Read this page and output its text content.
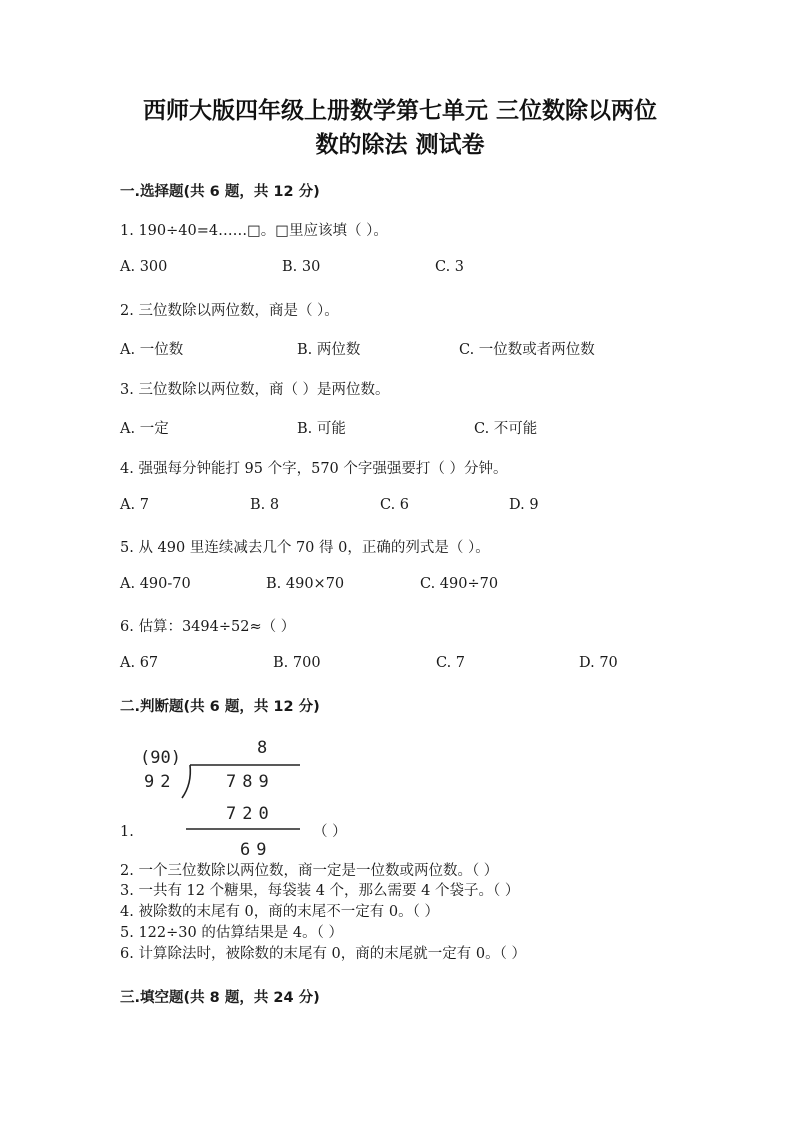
西师大版四年级上册数学第七单元 三位数除以两位
数的除法 测试卷
一.选择题(共 6 题，共 12 分)
1. 190÷40=4……□。□里应该填（ ）。
A. 300	B. 30	C. 3
2. 三位数除以两位数，商是（ ）。
A. 一位数	B. 两位数	C. 一位数或者两位数
3. 三位数除以两位数，商（ ）是两位数。
A. 一定	B. 可能	C. 不可能
4. 强强每分钟能打 95 个字，570 个字强强要打（ ）分钟。
A. 7	B. 8	C. 6	D. 9
5. 从 490 里连续减去几个 70 得 0，正确的列式是（ ）。
A. 490-70	B. 490×70	C. 490÷70
6. 估算：3494÷52≈（ ）
A. 67	B. 700	C. 7	D. 70
二.判断题(共 6 题，共 12 分)
(90)	8
92	789
720
69
1.	（ ）
2. 一个三位数除以两位数，商一定是一位数或两位数。（ ）
3. 一共有 12 个糖果，每袋装 4 个，那么需要 4 个袋子。（ ）
4. 被除数的末尾有 0，商的末尾不一定有 0。（ ）
5. 122÷30 的估算结果是 4。（ ）
6. 计算除法时，被除数的末尾有 0，商的末尾就一定有 0。（ ）
三.填空题(共 8 题，共 24 分)
